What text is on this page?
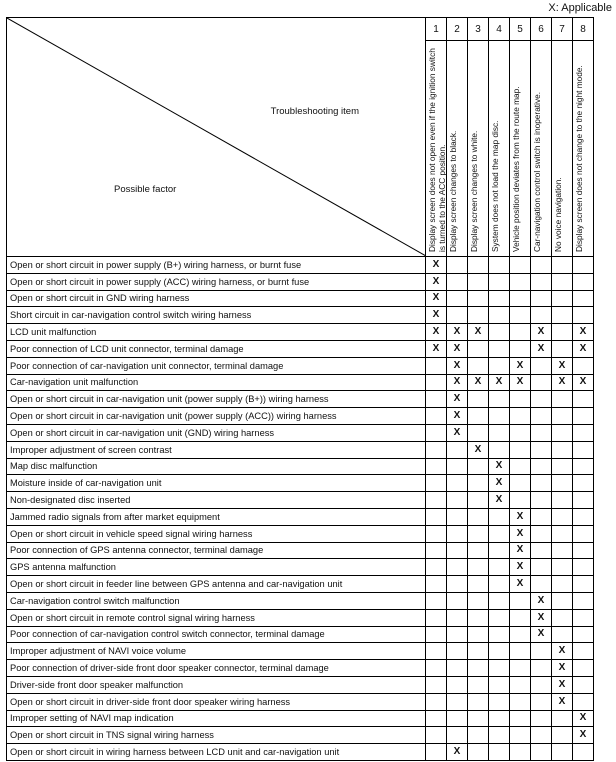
X: Applicable
Troubleshooting item
Possible factor	1	2	3	4	5	6	7	8

	Display screen does not open even if the ignition switch is turned to the ACC position.	Display screen changes to black.	Display screen changes to white.	System does not load the map disc.	Vehicle position deviates from the route map.	Car-navigation control switch is inoperative.	No voice navigation.	Display screen does not change to the night mode.

Open or short circuit in power supply (B+) wiring harness, or burnt fuse	X							
Open or short circuit in power supply (ACC) wiring harness, or burnt fuse	X							
Open or short circuit in GND wiring harness	X							
Short circuit in car-navigation control switch wiring harness	X							
LCD unit malfunction	X	X	X			X		X
Poor connection of LCD unit connector, terminal damage	X	X				X		X
Poor connection of car-navigation unit connector, terminal damage		X			X		X	
Car-navigation unit malfunction		X	X	X	X		X	X
Open or short circuit in car-navigation unit (power supply (B+)) wiring harness		X						
Open or short circuit in car-navigation unit (power supply (ACC)) wiring harness		X						
Open or short circuit in car-navigation unit (GND) wiring harness		X						
Improper adjustment of screen contrast			X					
Map disc malfunction				X				
Moisture inside of car-navigation unit				X				
Non-designated disc inserted				X				
Jammed radio signals from after market equipment					X			
Open or short circuit in vehicle speed signal wiring harness					X			
Poor connection of GPS antenna connector, terminal damage					X			
GPS antenna malfunction					X			
Open or short circuit in feeder line between GPS antenna and car-navigation unit					X			
Car-navigation control switch malfunction						X		
Open or short circuit in remote control signal wiring harness						X		
Poor connection of car-navigation control switch connector, terminal damage						X		
Improper adjustment of NAVI voice volume							X	
Poor connection of driver-side front door speaker connector, terminal damage							X	
Driver-side front door speaker malfunction							X	
Open or short circuit in driver-side front door speaker wiring harness							X	
Improper setting of NAVI map indication								X
Open or short circuit in TNS signal wiring harness								X
Open or short circuit in wiring harness between LCD unit and car-navigation unit		X						
